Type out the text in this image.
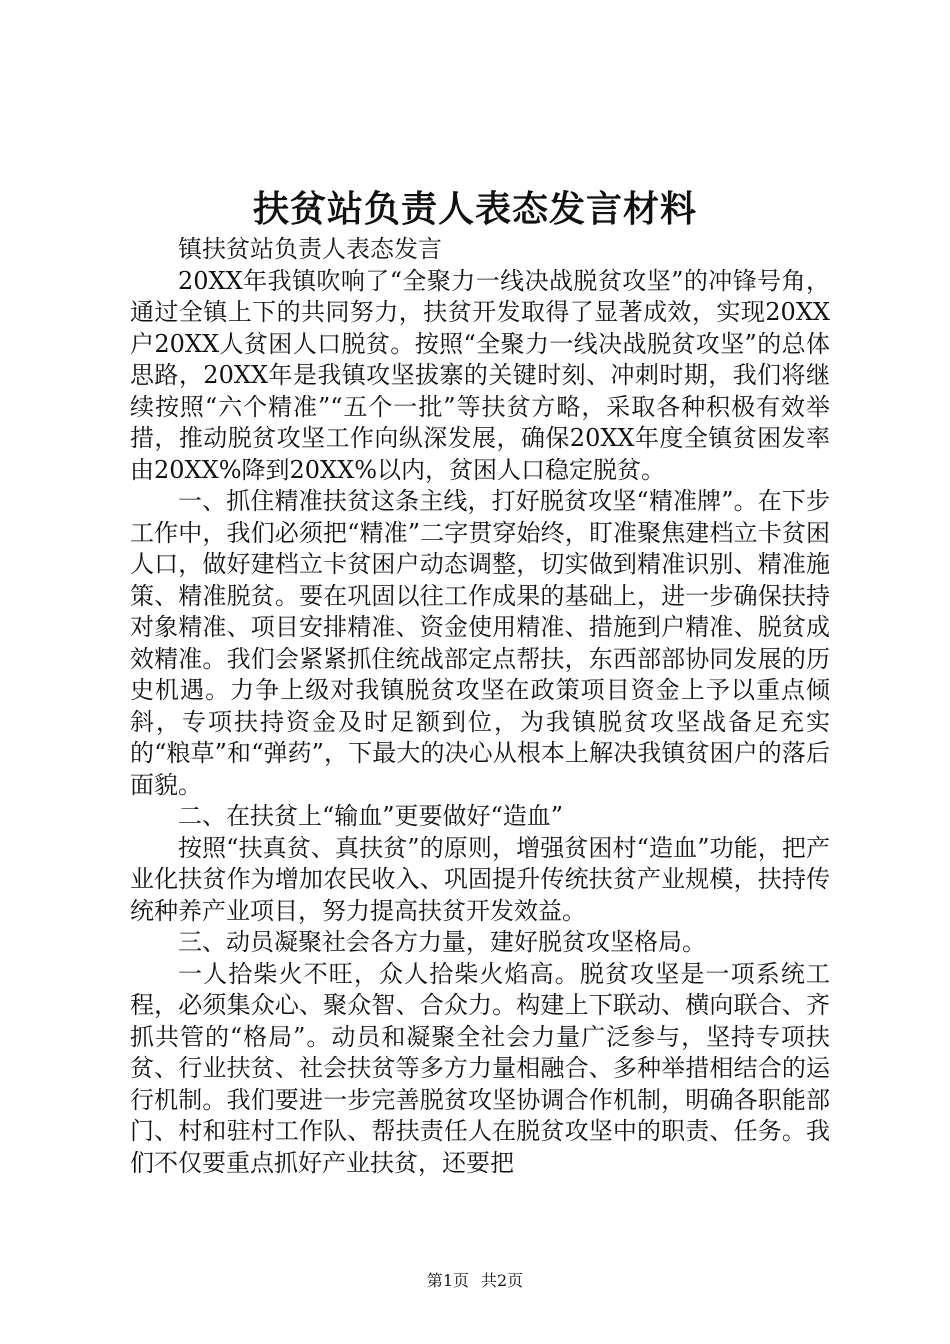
扶贫站负责人表态发言材料

镇扶贫站负责人表态发言

20XX年我镇吹响了“全聚力一线决战脱贫攻坚”的冲锋号角，通过全镇上下的共同努力，扶贫开发取得了显著成效，实现20XX户20XX人贫困人口脱贫。按照“全聚力一线决战脱贫攻坚”的总体思路，20XX年是我镇攻坚拔寨的关键时刻、冲刺时期，我们将继续按照“六个精准”“五个一批”等扶贫方略，采取各种积极有效举措，推动脱贫攻坚工作向纵深发展，确保20XX年度全镇贫困发率由20XX%降到20XX%以内，贫困人口稳定脱贫。

一、抓住精准扶贫这条主线，打好脱贫攻坚“精准牌”。在下步工作中，我们必须把“精准”二字贯穿始终，盯准聚焦建档立卡贫困人口，做好建档立卡贫困户动态调整，切实做到精准识别、精准施策、精准脱贫。要在巩固以往工作成果的基础上，进一步确保扶持对象精准、项目安排精准、资金使用精准、措施到户精准、脱贫成效精准。我们会紧紧抓住统战部定点帮扶，东西部部协同发展的历史机遇。力争上级对我镇脱贫攻坚在政策项目资金上予以重点倾斜，专项扶持资金及时足额到位，为我镇脱贫攻坚战备足充实的“粮草”和“弹药”，下最大的决心从根本上解决我镇贫困户的落后面貌。

二、在扶贫上“输血”更要做好“造血”

按照“扶真贫、真扶贫”的原则，增强贫困村“造血”功能，把产业化扶贫作为增加农民收入、巩固提升传统扶贫产业规模，扶持传统种养产业项目，努力提高扶贫开发效益。

三、动员凝聚社会各方力量，建好脱贫攻坚格局。

一人拾柴火不旺，众人拾柴火焰高。脱贫攻坚是一项系统工程，必须集众心、聚众智、合众力。构建上下联动、横向联合、齐抓共管的“格局”。动员和凝聚全社会力量广泛参与，坚持专项扶贫、行业扶贫、社会扶贫等多方力量相融合、多种举措相结合的运行机制。我们要进一步完善脱贫攻坚协调合作机制，明确各职能部门、村和驻村工作队、帮扶责任人在脱贫攻坚中的职责、任务。我们不仅要重点抓好产业扶贫，还要把

第1页 共2页
